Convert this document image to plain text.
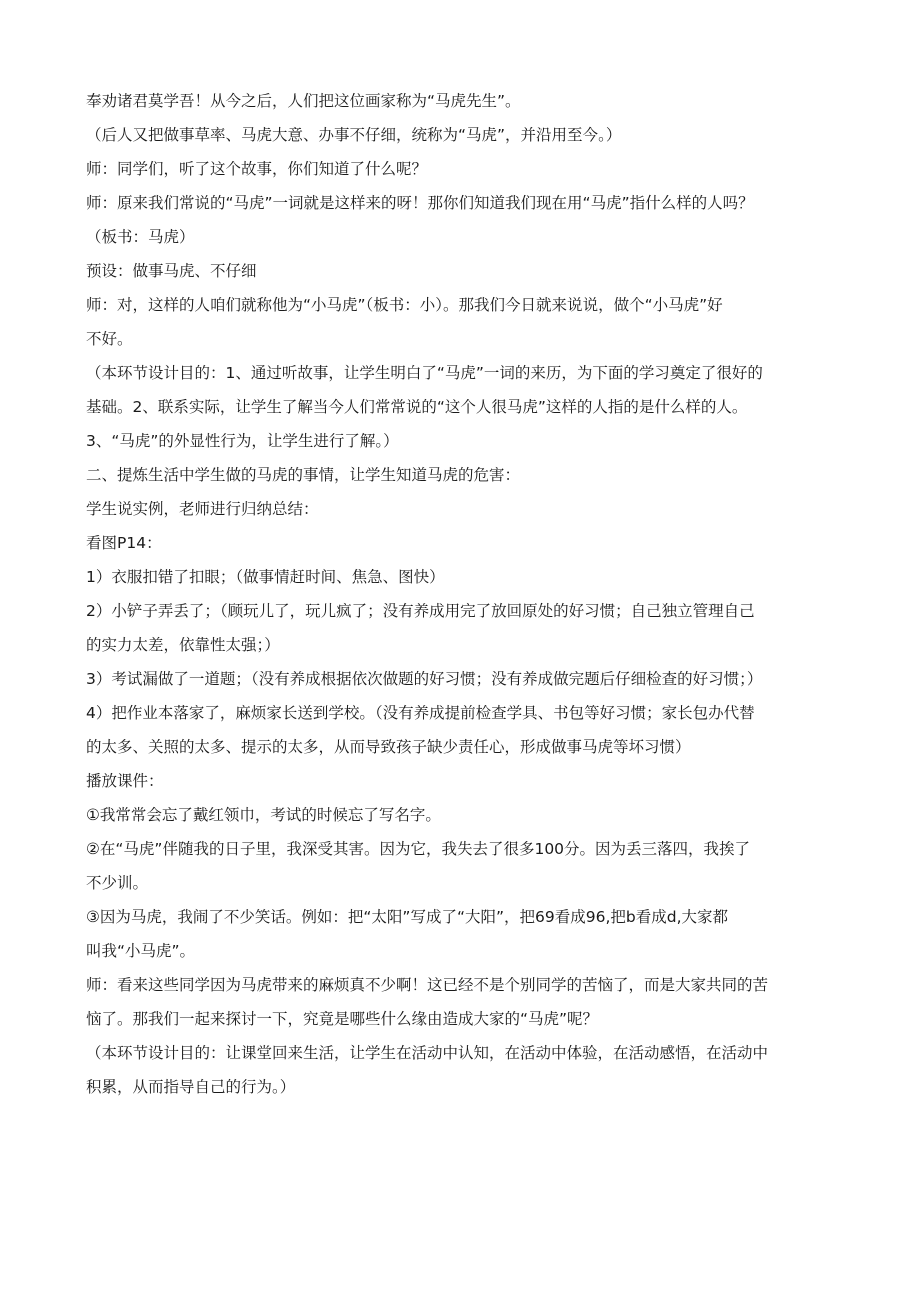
奉劝诸君莫学吾！从今之后，人们把这位画家称为“马虎先生”。
（后人又把做事草率、马虎大意、办事不仔细，统称为“马虎”，并沿用至今。）
师：同学们，听了这个故事，你们知道了什么呢？
师：原来我们常说的“马虎”一词就是这样来的呀！那你们知道我们现在用“马虎”指什么样的人吗？
（板书：马虎）
预设：做事马虎、不仔细
师：对，这样的人咱们就称他为“小马虎”（板书：小）。那我们今日就来说说，做个“小马虎”好
不好。
（本环节设计目的：1、通过听故事，让学生明白了“马虎”一词的来历，为下面的学习奠定了很好的
基础。2、联系实际，让学生了解当今人们常常说的“这个人很马虎”这样的人指的是什么样的人。
3、“马虎”的外显性行为，让学生进行了解。）
二、提炼生活中学生做的马虎的事情，让学生知道马虎的危害：
学生说实例，老师进行归纳总结：
看图P14：
1）衣服扣错了扣眼；（做事情赶时间、焦急、图快）
2）小铲子弄丢了；（顾玩儿了，玩儿疯了；没有养成用完了放回原处的好习惯；自己独立管理自己
的实力太差，依靠性太强；）
3）考试漏做了一道题；（没有养成根据依次做题的好习惯；没有养成做完题后仔细检查的好习惯；）
4）把作业本落家了，麻烦家长送到学校。（没有养成提前检查学具、书包等好习惯；家长包办代替
的太多、关照的太多、提示的太多，从而导致孩子缺少责任心，形成做事马虎等坏习惯）
播放课件：
①我常常会忘了戴红领巾，考试的时候忘了写名字。
②在“马虎”伴随我的日子里，我深受其害。因为它，我失去了很多100分。因为丢三落四，我挨了
不少训。
③因为马虎，我闹了不少笑话。例如：把“太阳”写成了“大阳”，把69看成96,把b看成d,大家都
叫我“小马虎”。
师：看来这些同学因为马虎带来的麻烦真不少啊！这已经不是个别同学的苦恼了，而是大家共同的苦
恼了。那我们一起来探讨一下，究竟是哪些什么缘由造成大家的“马虎”呢？
（本环节设计目的：让课堂回来生活，让学生在活动中认知，在活动中体验，在活动感悟，在活动中
积累，从而指导自己的行为。）
